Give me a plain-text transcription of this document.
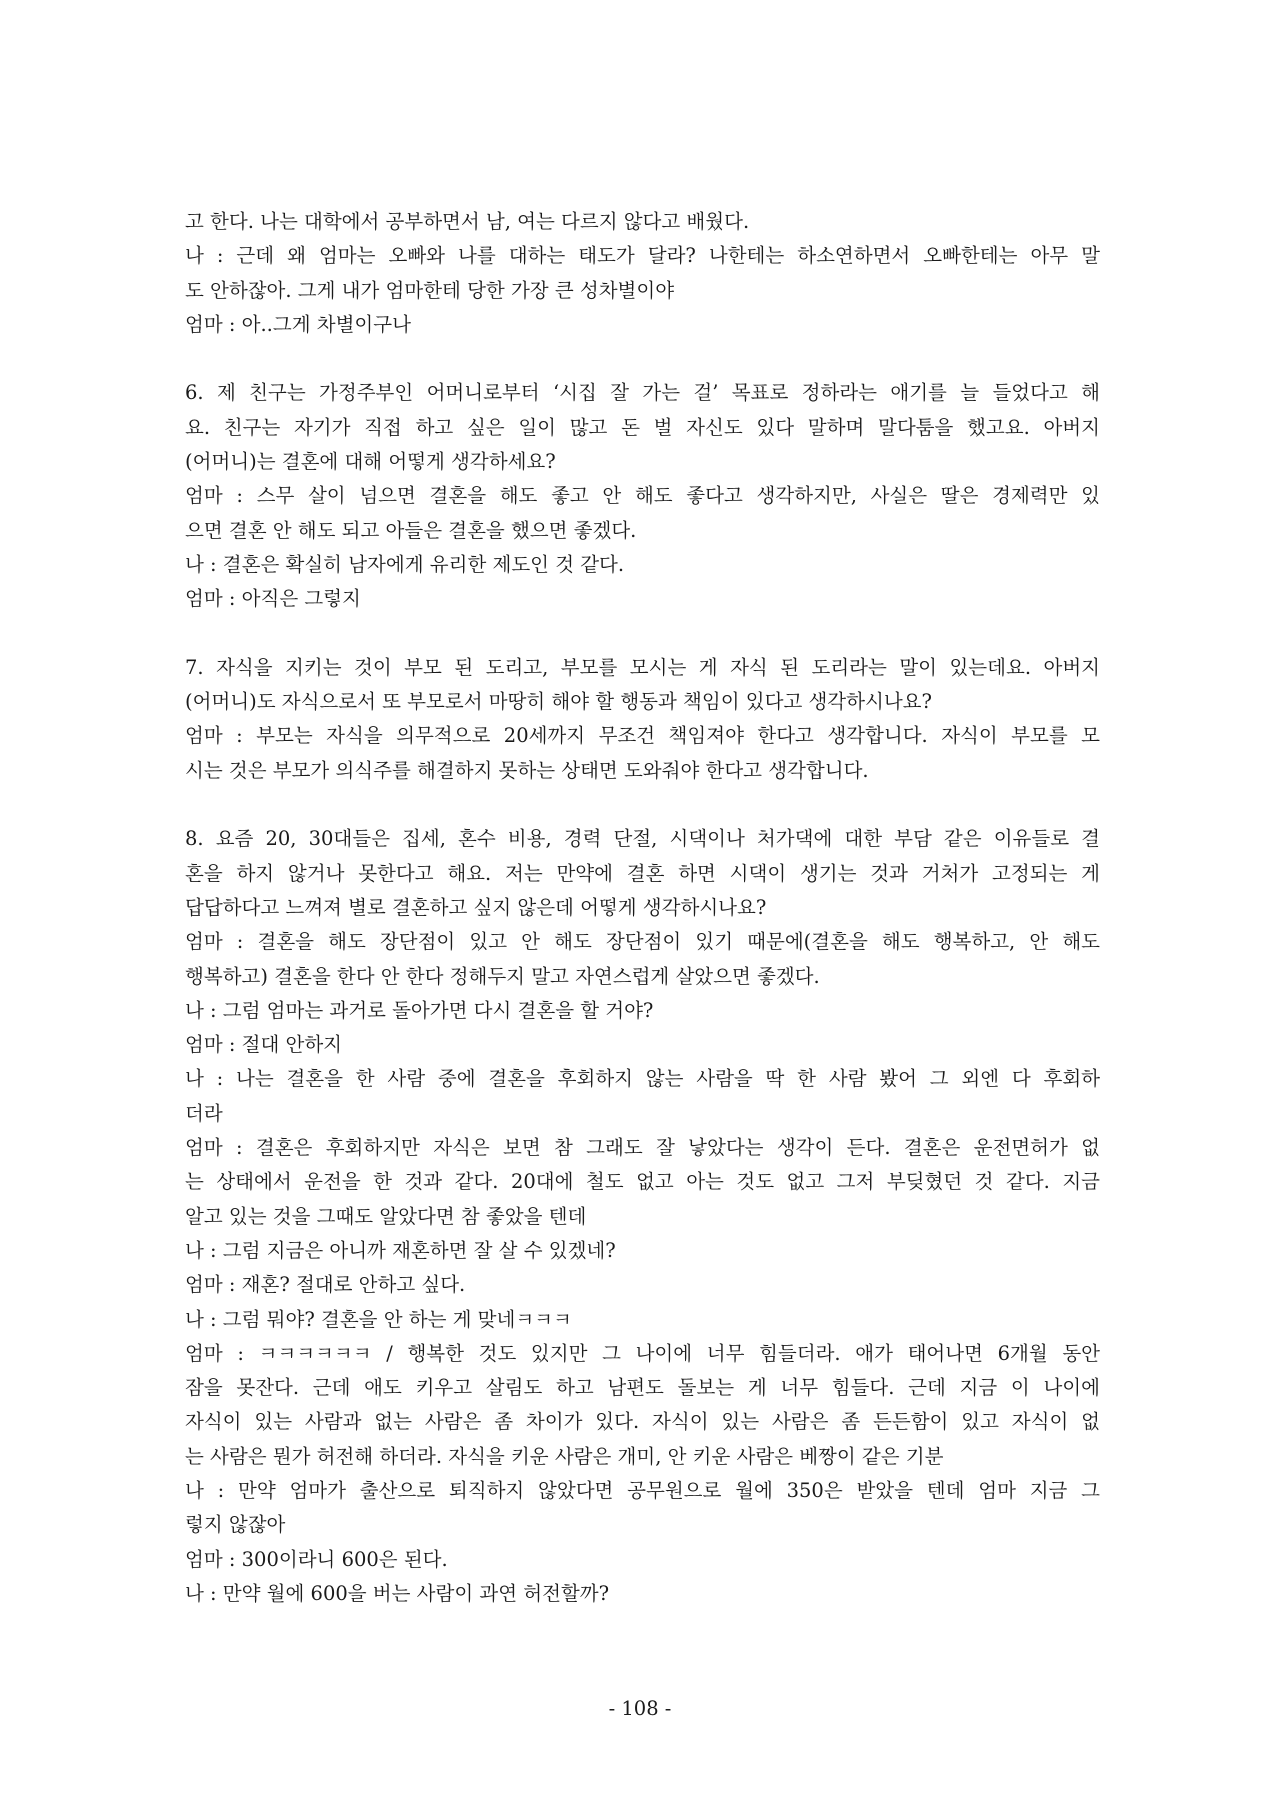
고 한다. 나는 대학에서 공부하면서 남, 여는 다르지 않다고 배웠다.
나 : 근데 왜 엄마는 오빠와 나를 대하는 태도가 달라? 나한테는 하소연하면서 오빠한테는 아무 말
도 안하잖아. 그게 내가 엄마한테 당한 가장 큰 성차별이야
엄마 : 아..그게 차별이구나
6. 제 친구는 가정주부인 어머니로부터 ‘시집 잘 가는 걸’ 목표로 정하라는 애기를 늘 들었다고 해
요. 친구는 자기가 직접 하고 싶은 일이 많고 돈 벌 자신도 있다 말하며 말다툼을 했고요. 아버지
(어머니)는 결혼에 대해 어떻게 생각하세요?
엄마 : 스무 살이 넘으면 결혼을 해도 좋고 안 해도 좋다고 생각하지만, 사실은 딸은 경제력만 있
으면 결혼 안 해도 되고 아들은 결혼을 했으면 좋겠다.
나 : 결혼은 확실히 남자에게 유리한 제도인 것 같다.
엄마 : 아직은 그렇지
7. 자식을 지키는 것이 부모 된 도리고, 부모를 모시는 게 자식 된 도리라는 말이 있는데요. 아버지
(어머니)도 자식으로서 또 부모로서 마땅히 해야 할 행동과 책임이 있다고 생각하시나요?
엄마 : 부모는 자식을 의무적으로 20세까지 무조건 책임져야 한다고 생각합니다. 자식이 부모를 모
시는 것은 부모가 의식주를 해결하지 못하는 상태면 도와줘야 한다고 생각합니다.
8. 요즘 20, 30대들은 집세, 혼수 비용, 경력 단절, 시댁이나 처가댁에 대한 부담 같은 이유들로 결
혼을 하지 않거나 못한다고 해요. 저는 만약에 결혼 하면 시댁이 생기는 것과 거처가 고정되는 게
답답하다고 느껴져 별로 결혼하고 싶지 않은데 어떻게 생각하시나요?
엄마 : 결혼을 해도 장단점이 있고 안 해도 장단점이 있기 때문에(결혼을 해도 행복하고, 안 해도
행복하고) 결혼을 한다 안 한다 정해두지 말고 자연스럽게 살았으면 좋겠다.
나 : 그럼 엄마는 과거로 돌아가면 다시 결혼을 할 거야?
엄마 : 절대 안하지
나 : 나는 결혼을 한 사람 중에 결혼을 후회하지 않는 사람을 딱 한 사람 봤어 그 외엔 다 후회하
더라
엄마 : 결혼은 후회하지만 자식은 보면 참 그래도 잘 낳았다는 생각이 든다. 결혼은 운전면허가 없
는 상태에서 운전을 한 것과 같다. 20대에 철도 없고 아는 것도 없고 그저 부딪혔던 것 같다. 지금
알고 있는 것을 그때도 알았다면 참 좋았을 텐데
나 : 그럼 지금은 아니까 재혼하면 잘 살 수 있겠네?
엄마 : 재혼? 절대로 안하고 싶다.
나 : 그럼 뭐야? 결혼을 안 하는 게 맞네ㅋㅋㅋ
엄마 : ㅋㅋㅋㅋㅋㅋ / 행복한 것도 있지만 그 나이에 너무 힘들더라. 애가 태어나면 6개월 동안
잠을 못잔다. 근데 애도 키우고 살림도 하고 남편도 돌보는 게 너무 힘들다. 근데 지금 이 나이에
자식이 있는 사람과 없는 사람은 좀 차이가 있다. 자식이 있는 사람은 좀 든든함이 있고 자식이 없
는 사람은 뭔가 허전해 하더라. 자식을 키운 사람은 개미, 안 키운 사람은 베짱이 같은 기분
나 : 만약 엄마가 출산으로 퇴직하지 않았다면 공무원으로 월에 350은 받았을 텐데 엄마 지금 그
렇지 않잖아
엄마 : 300이라니 600은 된다.
나 : 만약 월에 600을 버는 사람이 과연 허전할까?
- 108 -
